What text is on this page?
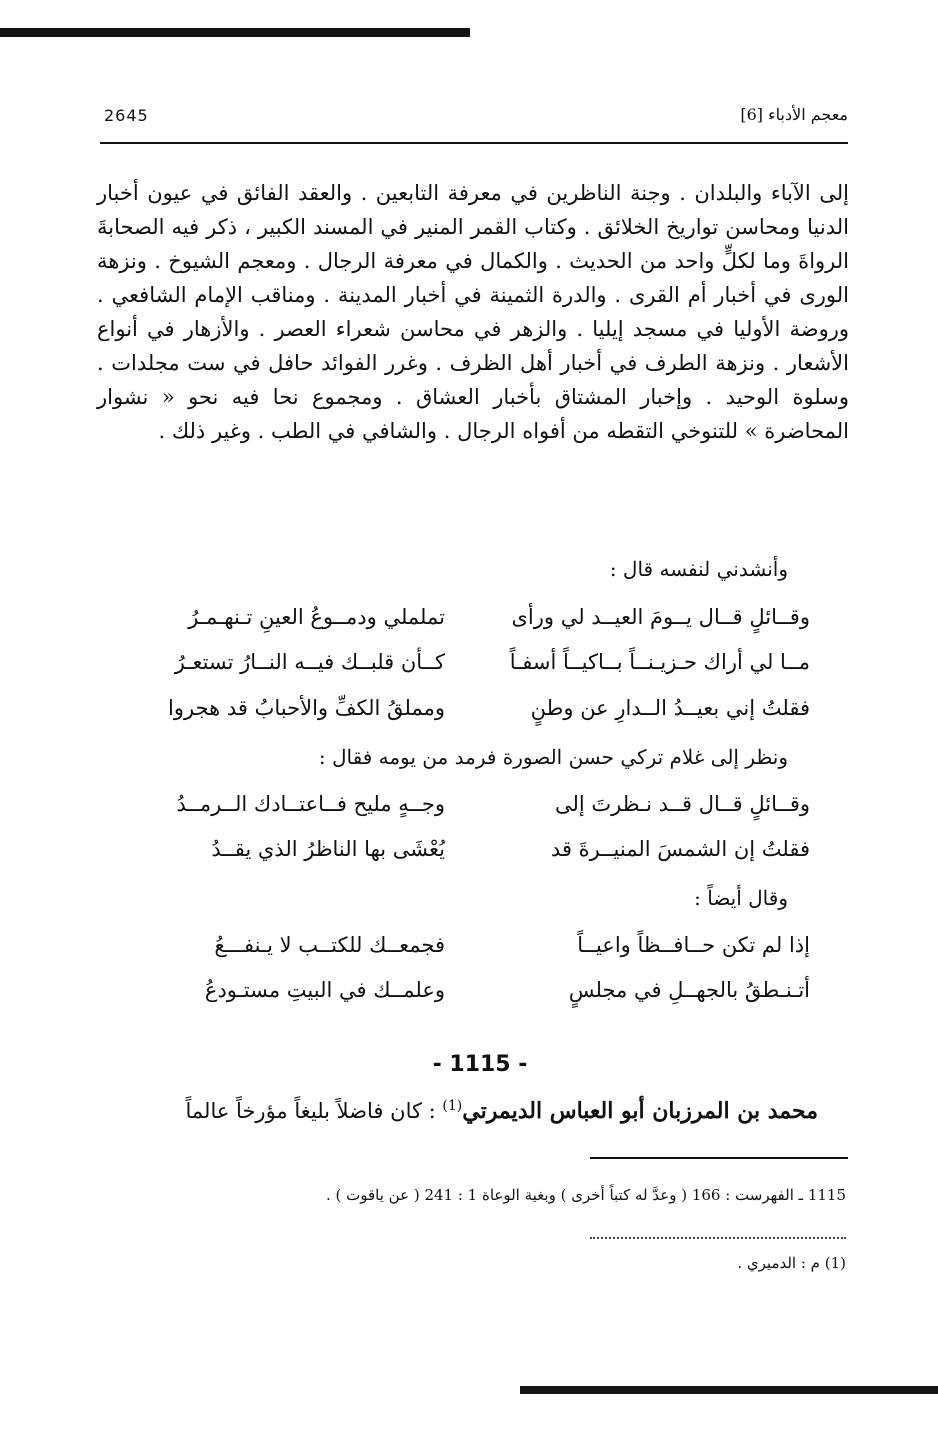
2645	معجم الأدباء [6]

إلى الآباء والبلدان . وجنة الناظرين في معرفة التابعين . والعقد الفائق في عيون أخبار الدنيا ومحاسن تواريخ الخلائق . وكتاب القمر المنير في المسند الكبير ، ذكر فيه الصحابةَ الرواةَ وما لكلٍّ واحد من الحديث . والكمال في معرفة الرجال . ومعجم الشيوخ . ونزهة الورى في أخبار أم القرى . والدرة الثمينة في أخبار المدينة . ومناقب الإمام الشافعي . وروضة الأوليا في مسجد إيليا . والزهر في محاسن شعراء العصر . والأزهار في أنواع الأشعار . ونزهة الطرف في أخبار أهل الظرف . وغرر الفوائد حافل في ست مجلدات . وسلوة الوحيد . وإخبار المشتاق بأخبار العشاق . ومجموع نحا فيه نحو « نشوار المحاضرة » للتنوخي التقطه من أفواه الرجال . والشافي في الطب . وغير ذلك .

وأنشدني لنفسه قال :
وقــائلٍ قــال يــومَ العيــد لي ورأى
تململي ودمــوعُ العينِ تـنهـمـرُ
مــا لي أراك حـزيـنــاً بــاكيــاً أسفـاً
كــأن قلبــك فيــه النــارُ تستعـرُ
فقلتُ إني بعيــدُ الــدارِ عن وطنٍ
ومملقُ الكفِّ والأحبابُ قد هجروا
ونظر إلى غلام تركي حسن الصورة فرمد من يومه فقال :
وقــائلٍ قــال قــد نـظرتَ إلى
وجــهٍ مليح فــاعتــادك الــرمــدُ
فقلتُ إن الشمسَ المنيــرةَ قد
يُعْشَى بها الناظرُ الذي يقــدُ
وقال أيضاً :
إذا لم تكن حــافــظاً واعيــاً
فجمعــك للكتــب لا يـنفـــعُ
أتـنـطقُ بالجهــلِ في مجلسٍ
وعلمــك في البيتِ مستـودعُ
- 1115 -
محمد بن المرزبان أبو العباس الديمرتي$^{(1)}$ : كان فاضلاً بليغاً مؤرخاً عالماً
1115 ـ الفهرست : 166 ( وعدَّ له كتباً أخرى ) وبغية الوعاة 1 : 241 ( عن ياقوت ) .
(1) م : الدميري .
